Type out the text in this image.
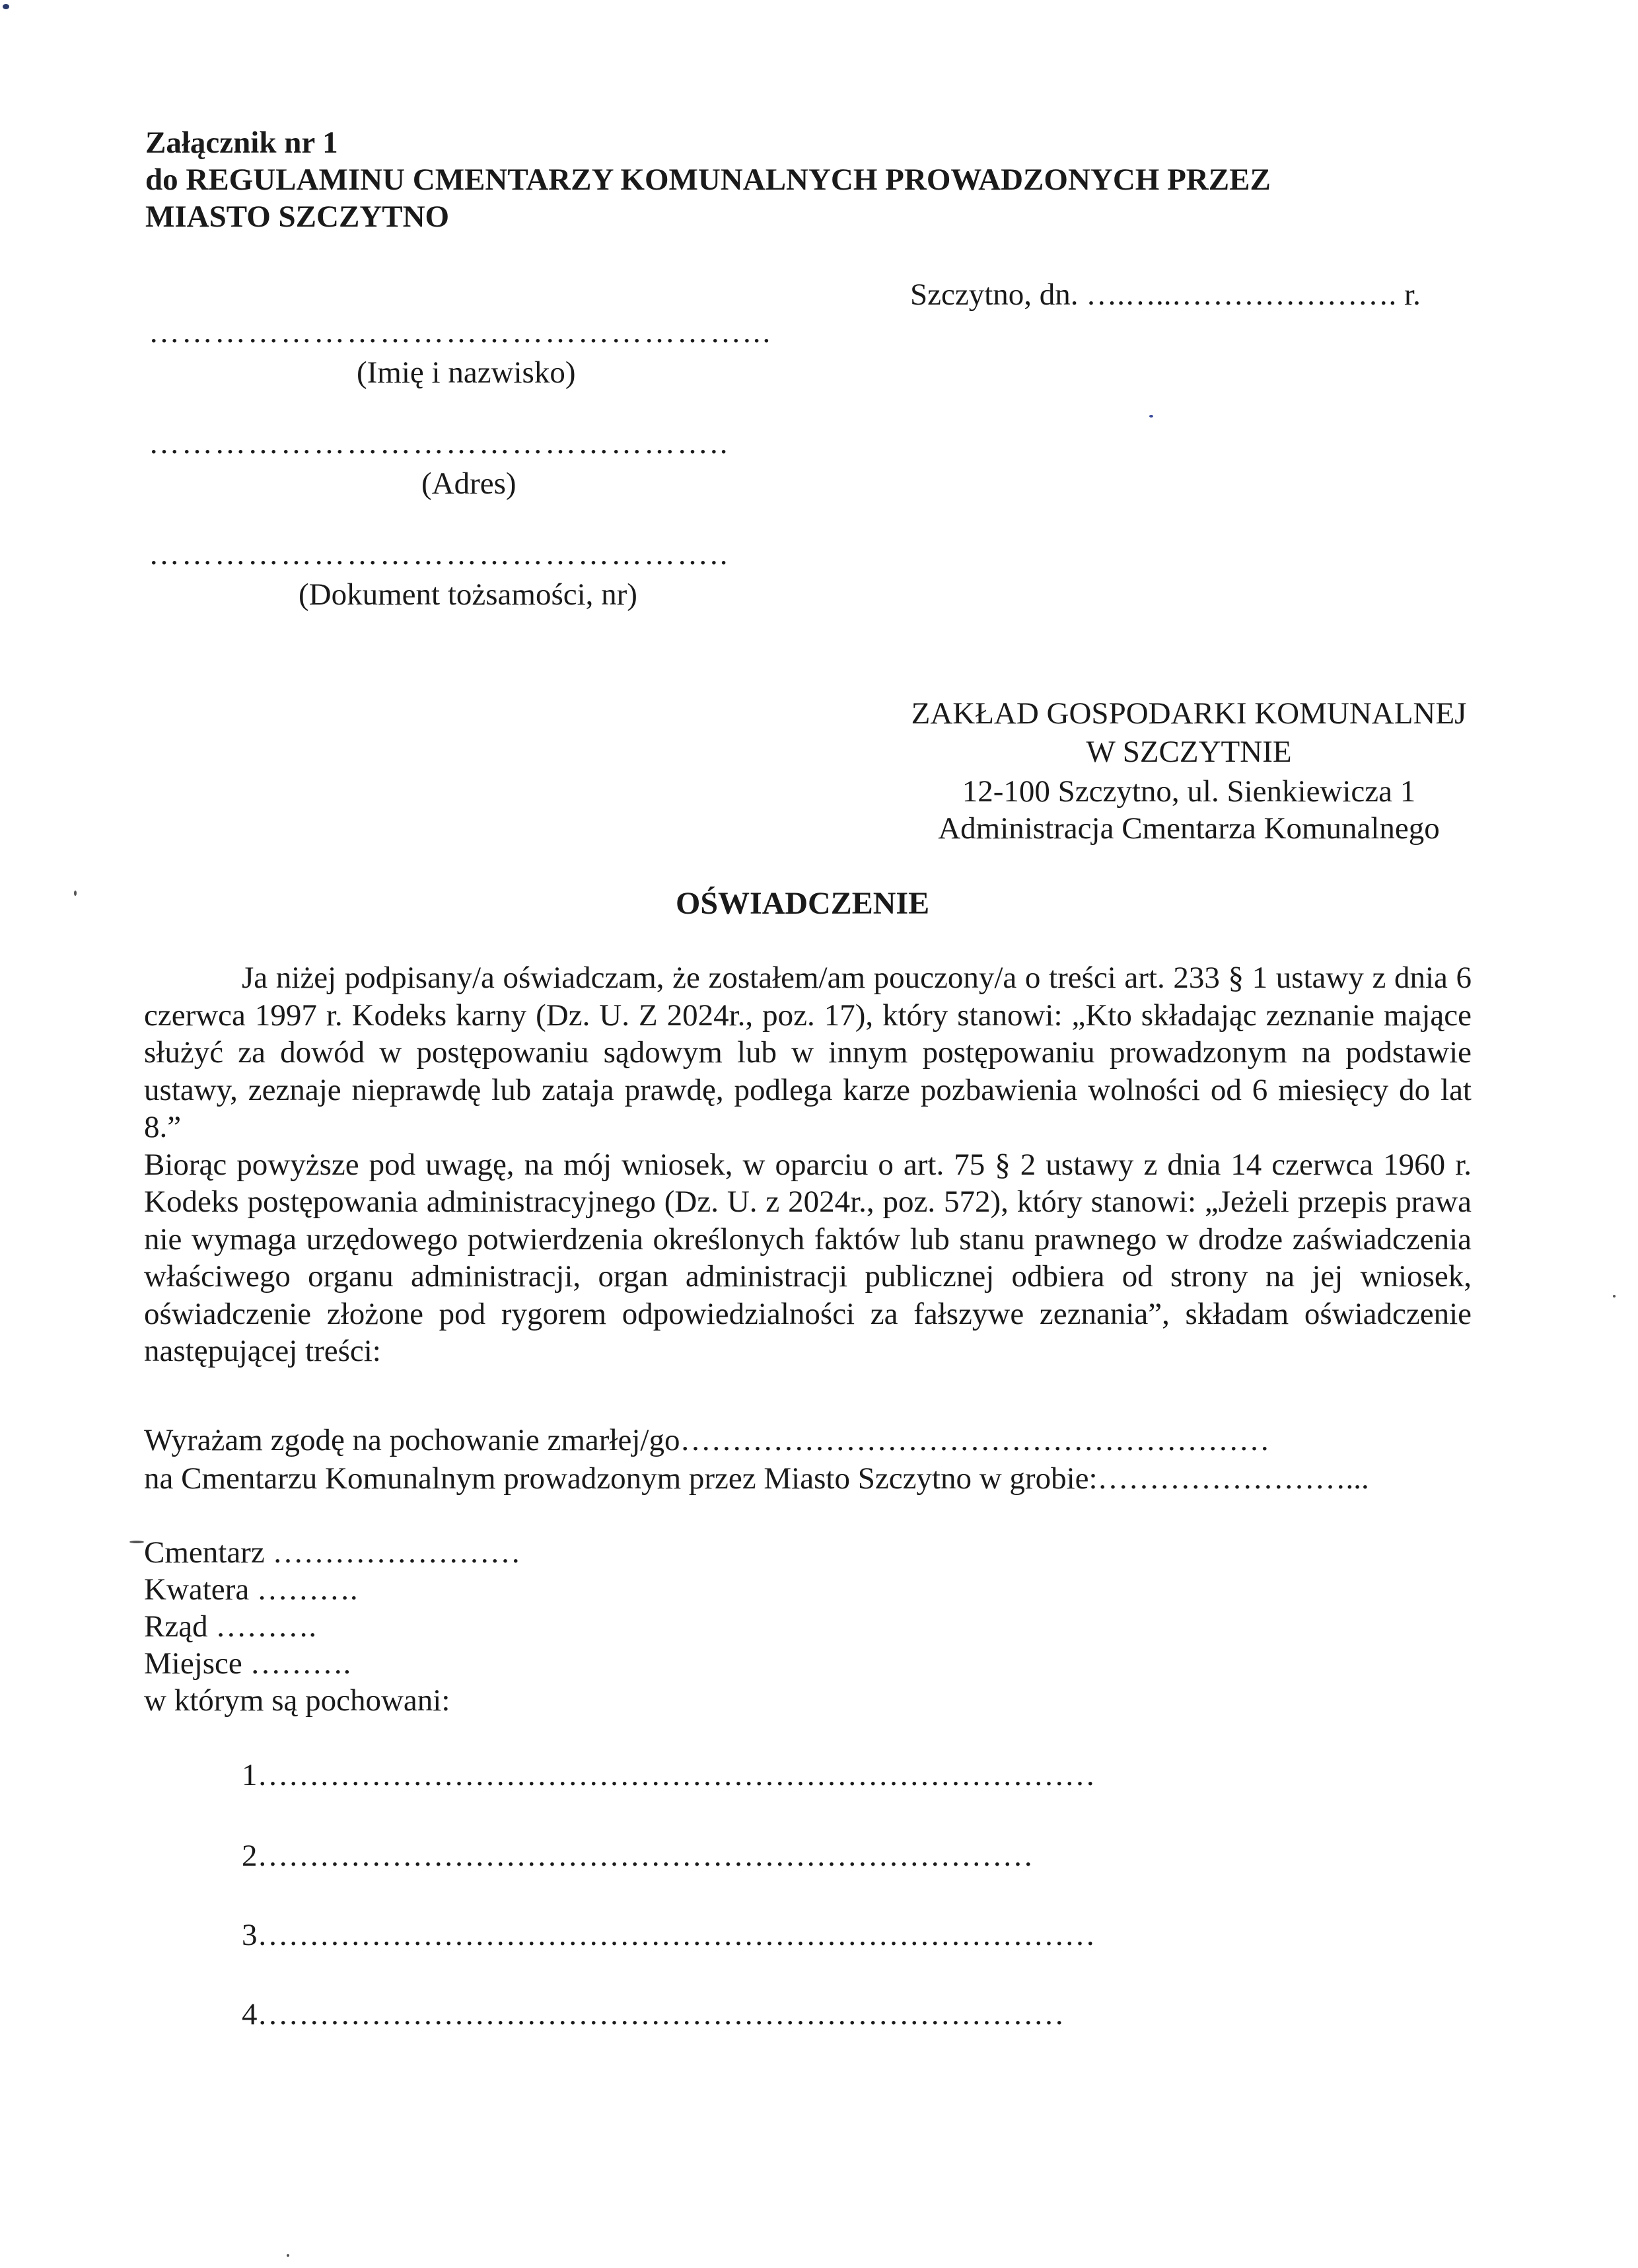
Załącznik nr 1
do REGULAMINU CMENTARZY KOMUNALNYCH PROWADZONYCH PRZEZ
MIASTO SZCZYTNO
Szczytno, dn. ….…..…………………. r.
………………………………………………...
(Imię i nazwisko)
……………………………………………..
(Adres)
……………………………………………..
(Dokument tożsamości, nr)
ZAKŁAD GOSPODARKI KOMUNALNEJ
W SZCZYTNIE
12-100 Szczytno, ul. Sienkiewicza 1
Administracja Cmentarza Komunalnego
OŚWIADCZENIE

Ja niżej podpisany/a oświadczam, że zostałem/am pouczony/a o treści art. 233 § 1 ustawy z dnia 6 czerwca 1997 r. Kodeks karny (Dz. U. Z 2024r., poz. 17), który stanowi: „Kto składając zeznanie mające służyć za dowód w postępowaniu sądowym lub w innym postępowaniu prowadzonym na podstawie ustawy, zeznaje nieprawdę lub zataja prawdę, podlega karze pozbawienia wolności od 6 miesięcy do lat 8.”

Biorąc powyższe pod uwagę, na mój wniosek, w oparciu o art. 75 § 2 ustawy z dnia 14 czerwca 1960 r. Kodeks postępowania administracyjnego (Dz. U. z 2024r., poz. 572), który stanowi: „Jeżeli przepis prawa nie wymaga urzędowego potwierdzenia określonych faktów lub stanu prawnego w drodze zaświadczenia właściwego organu administracji, organ administracji publicznej odbiera od strony na jej wniosek, oświadczenie złożone pod rygorem odpowiedzialności za fałszywe zeznania”, składam oświadczenie następującej treści:

Wyrażam zgodę na pochowanie zmarłej/go…………………………………………………
na Cmentarzu Komunalnym prowadzonym przez Miasto Szczytno w grobie:……………………...
Cmentarz ……………………
Kwatera ……….
Rząd ……….
Miejsce ……….
w którym są pochowani:
1………………………………………………………………………
2…………………………………………………………………
3………………………………………………………………………
4……………………………………………………………………
